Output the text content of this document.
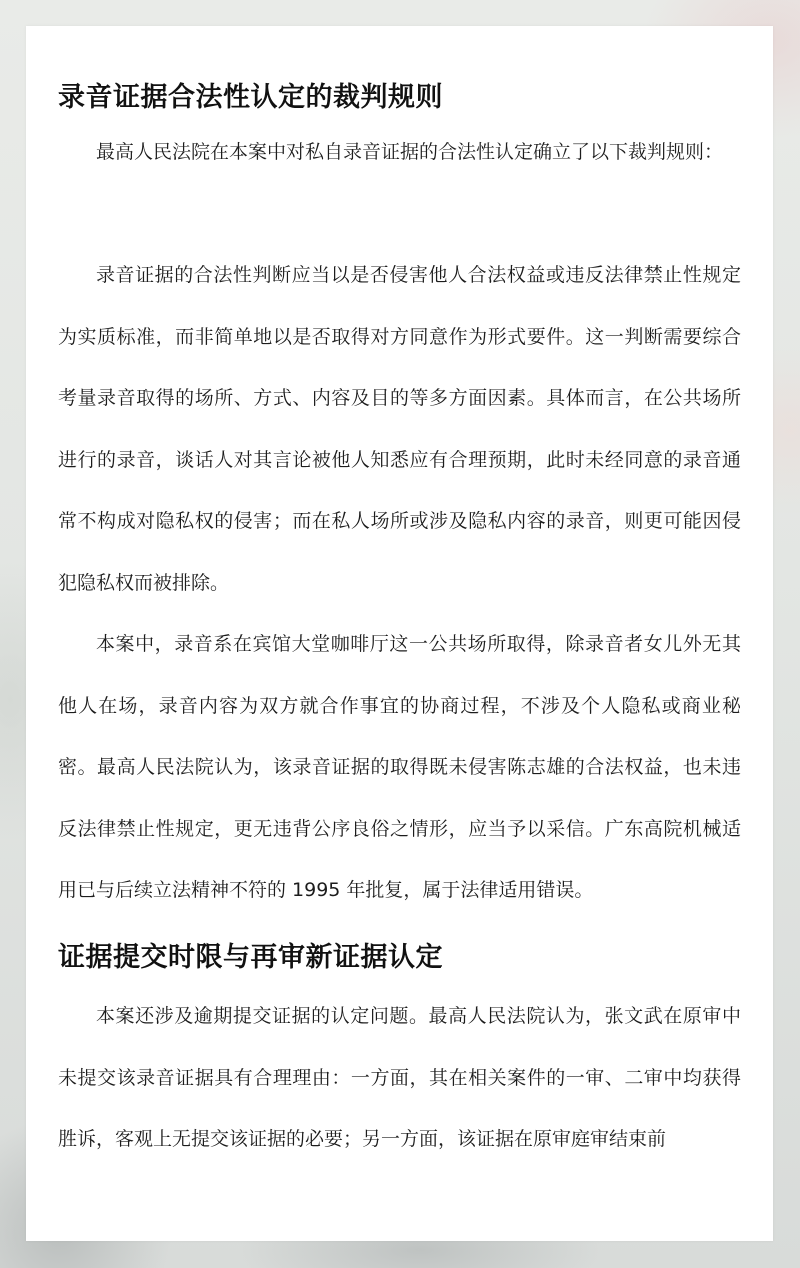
录音证据合法性认定的裁判规则

最高人民法院在本案中对私自录音证据的合法性认定确立了以下裁判规则：

录音证据的合法性判断应当以是否侵害他人合法权益或违反法律禁止性规定为实质标准，而非简单地以是否取得对方同意作为形式要件。这一判断需要综合考量录音取得的场所、方式、内容及目的等多方面因素。具体而言，在公共场所进行的录音，谈话人对其言论被他人知悉应有合理预期，此时未经同意的录音通常不构成对隐私权的侵害；而在私人场所或涉及隐私内容的录音，则更可能因侵犯隐私权而被排除。

本案中，录音系在宾馆大堂咖啡厅这一公共场所取得，除录音者女儿外无其他人在场，录音内容为双方就合作事宜的协商过程，不涉及个人隐私或商业秘密。最高人民法院认为，该录音证据的取得既未侵害陈志雄的合法权益，也未违反法律禁止性规定，更无违背公序良俗之情形，应当予以采信。广东高院机械适用已与后续立法精神不符的 1995 年批复，属于法律适用错误。

证据提交时限与再审新证据认定

本案还涉及逾期提交证据的认定问题。最高人民法院认为，张文武在原审中未提交该录音证据具有合理理由：一方面，其在相关案件的一审、二审中均获得胜诉，客观上无提交该证据的必要；另一方面，该证据在原审庭审结束前
